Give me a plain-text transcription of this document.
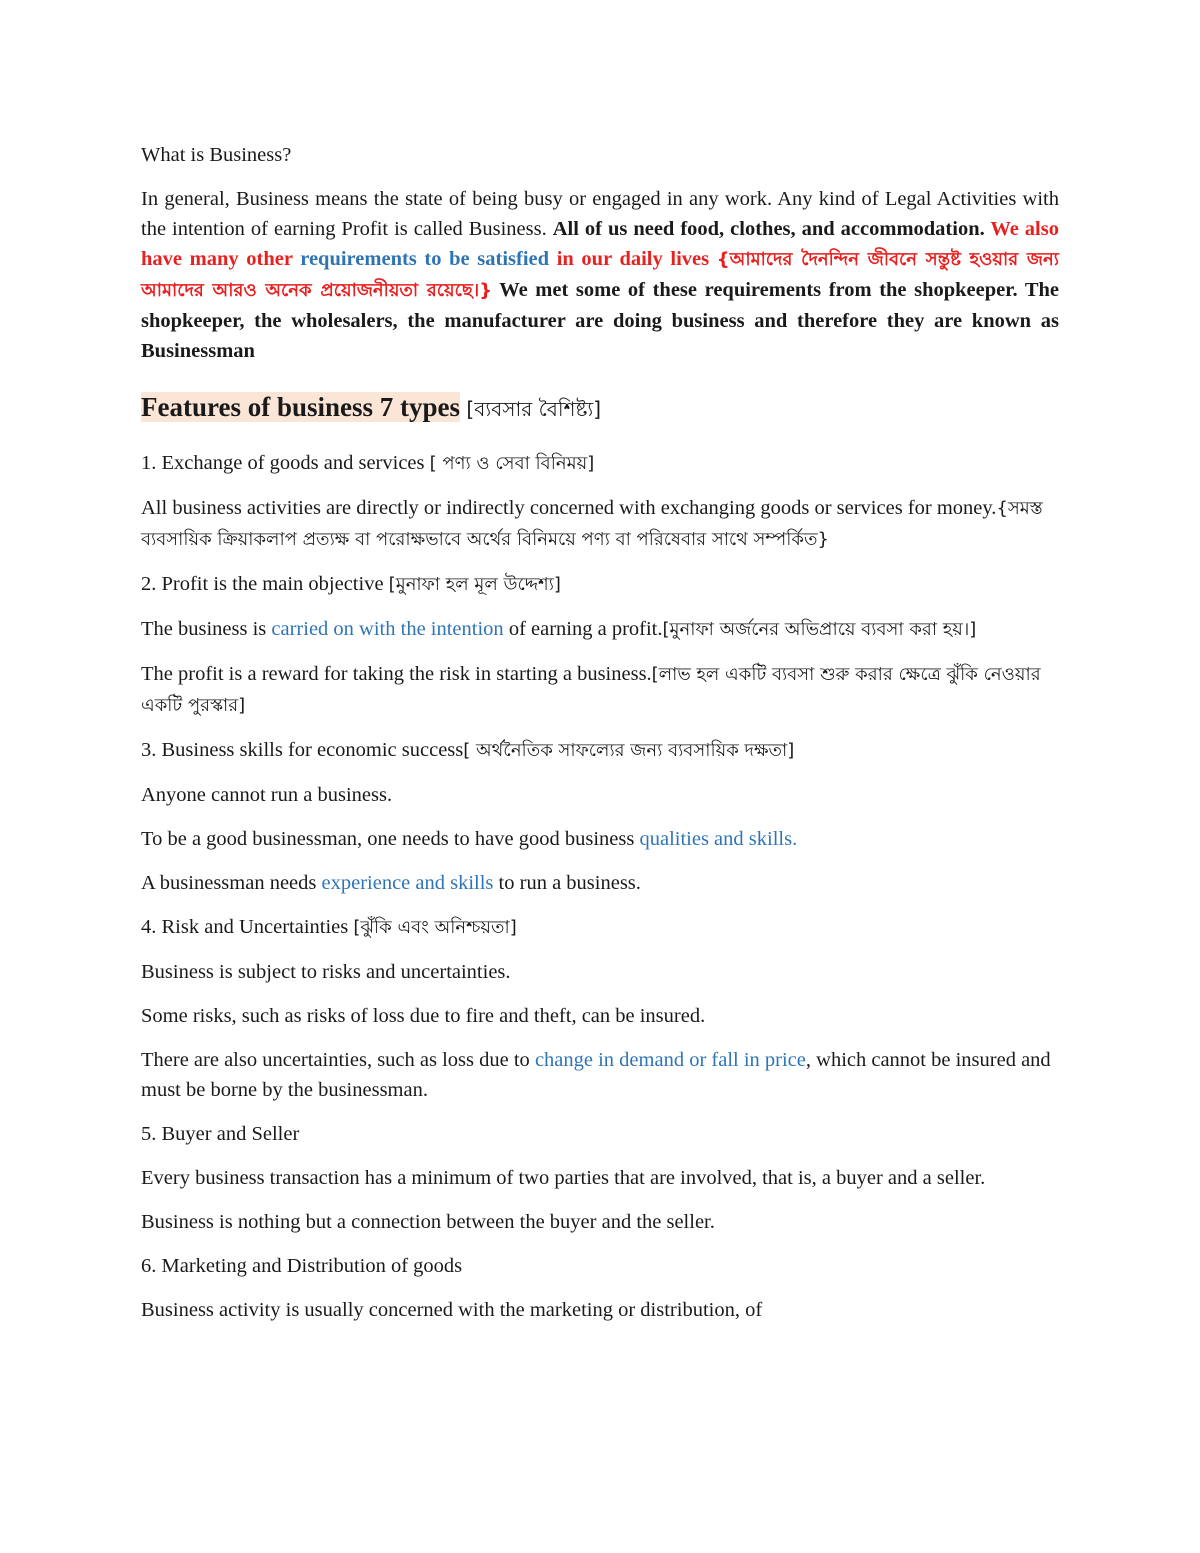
What is Business?

In general, Business means the state of being busy or engaged in any work. Any kind of Legal Activities with the intention of earning Profit is called Business. All of us need food, clothes, and accommodation. We also have many other requirements to be satisfied in our daily lives {আমাদের দৈনন্দিন জীবনে সন্তুষ্ট হওয়ার জন্য আমাদের আরও অনেক প্রয়োজনীয়তা রয়েছে।} We met some of these requirements from the shopkeeper. The shopkeeper, the wholesalers, the manufacturer are doing business and therefore they are known as Businessman

Features of business 7 types [ব্যবসার বৈশিষ্ট্য]

1. Exchange of goods and services [ পণ্য ও সেবা বিনিময়]

All business activities are directly or indirectly concerned with exchanging goods or services for money.{সমস্ত ব্যবসায়িক ক্রিয়াকলাপ প্রত্যক্ষ বা পরোক্ষভাবে অর্থের বিনিময়ে পণ্য বা পরিষেবার সাথে সম্পর্কিত}

2. Profit is the main objective [মুনাফা হল মূল উদ্দেশ্য]

The business is carried on with the intention of earning a profit.[মুনাফা অর্জনের অভিপ্রায়ে ব্যবসা করা হয়।]

The profit is a reward for taking the risk in starting a business.[লাভ হল একটি ব্যবসা শুরু করার ক্ষেত্রে ঝুঁকি নেওয়ার একটি পুরস্কার]

3. Business skills for economic success[ অর্থনৈতিক সাফল্যের জন্য ব্যবসায়িক দক্ষতা]

Anyone cannot run a business.

To be a good businessman, one needs to have good business qualities and skills.

A businessman needs experience and skills to run a business.

4. Risk and Uncertainties [ঝুঁকি এবং অনিশ্চয়তা]

Business is subject to risks and uncertainties.

Some risks, such as risks of loss due to fire and theft, can be insured.

There are also uncertainties, such as loss due to change in demand or fall in price, which cannot be insured and must be borne by the businessman.

5. Buyer and Seller

Every business transaction has a minimum of two parties that are involved, that is, a buyer and a seller.

Business is nothing but a connection between the buyer and the seller.

6. Marketing and Distribution of goods

Business activity is usually concerned with the marketing or distribution, of
